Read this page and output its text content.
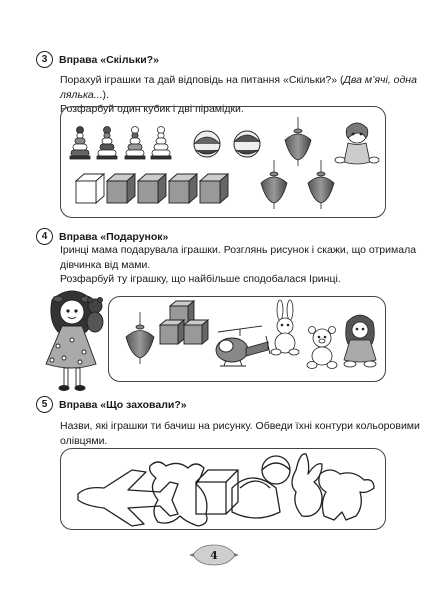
3	Вправа «Скільки?»
Порахуй іграшки та дай відповідь на питання «Скільки?» (Два м’ячі, одна лялька...).
Розфарбуй один кубик і дві пірамідки.
4	Вправа «Подарунок»
Іринці мама подарувала іграшки. Розглянь рисунок і скажи, що отримала
дівчинка від мами.
Розфарбуй ту іграшку, що найбільше сподобалася Іринці.
5	Вправа «Що заховали?»
Назви, які іграшки ти бачиш на рисунку. Обведи їхні контури кольоровими
олівцями.
4
